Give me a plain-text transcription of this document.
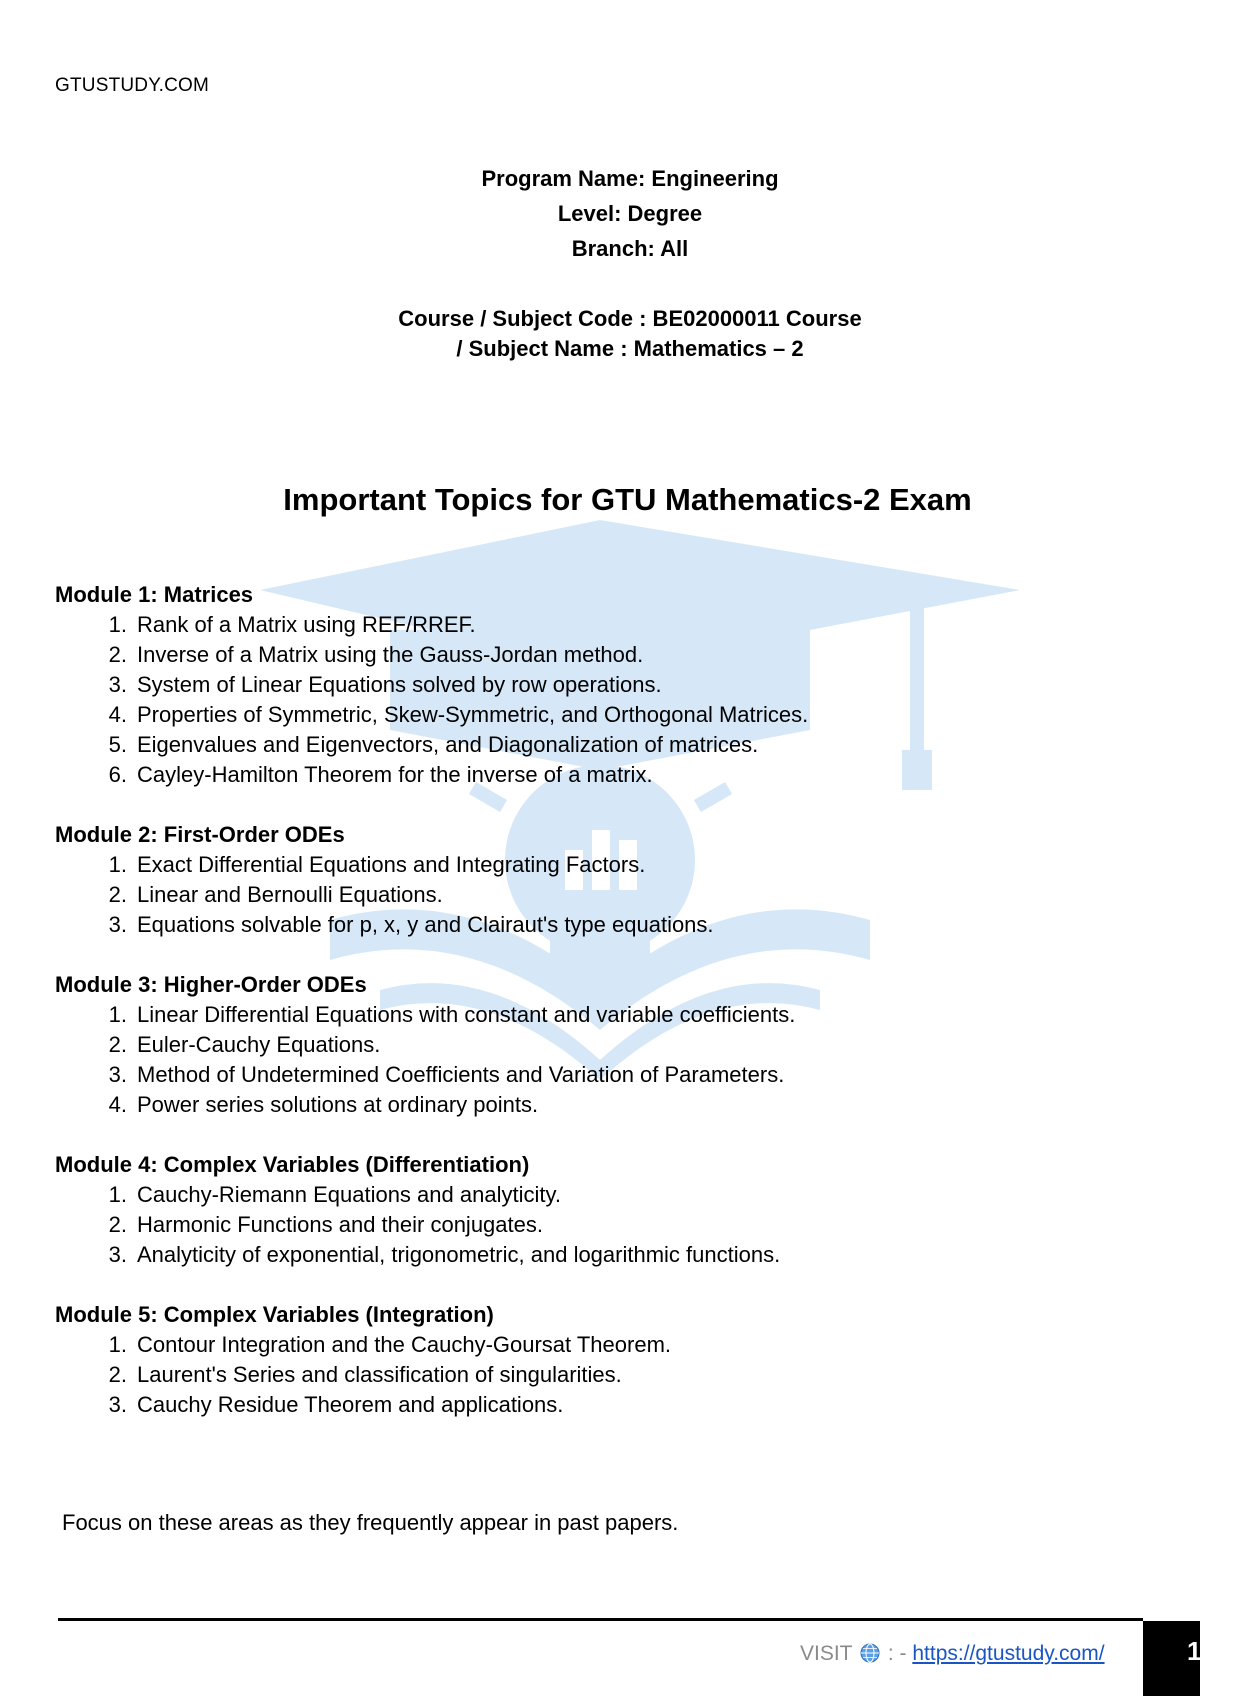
GTUSTUDY.COM
Program Name: Engineering
Level: Degree
Branch: All
Course / Subject Code : BE02000011 Course
/ Subject Name : Mathematics – 2
Important Topics for GTU Mathematics-2 Exam
Module 1: Matrices
1. Rank of a Matrix using REF/RREF.
2. Inverse of a Matrix using the Gauss-Jordan method.
3. System of Linear Equations solved by row operations.
4. Properties of Symmetric, Skew-Symmetric, and Orthogonal Matrices.
5. Eigenvalues and Eigenvectors, and Diagonalization of matrices.
6. Cayley-Hamilton Theorem for the inverse of a matrix.
Module 2: First-Order ODEs
1. Exact Differential Equations and Integrating Factors.
2. Linear and Bernoulli Equations.
3. Equations solvable for p, x, y and Clairaut's type equations.
Module 3: Higher-Order ODEs
1. Linear Differential Equations with constant and variable coefficients.
2. Euler-Cauchy Equations.
3. Method of Undetermined Coefficients and Variation of Parameters.
4. Power series solutions at ordinary points.
Module 4: Complex Variables (Differentiation)
1. Cauchy-Riemann Equations and analyticity.
2. Harmonic Functions and their conjugates.
3. Analyticity of exponential, trigonometric, and logarithmic functions.
Module 5: Complex Variables (Integration)
1. Contour Integration and the Cauchy-Goursat Theorem.
2. Laurent's Series and classification of singularities.
3. Cauchy Residue Theorem and applications.
Focus on these areas as they frequently appear in past papers.
VISIT : - https://gtustudy.com/	1
